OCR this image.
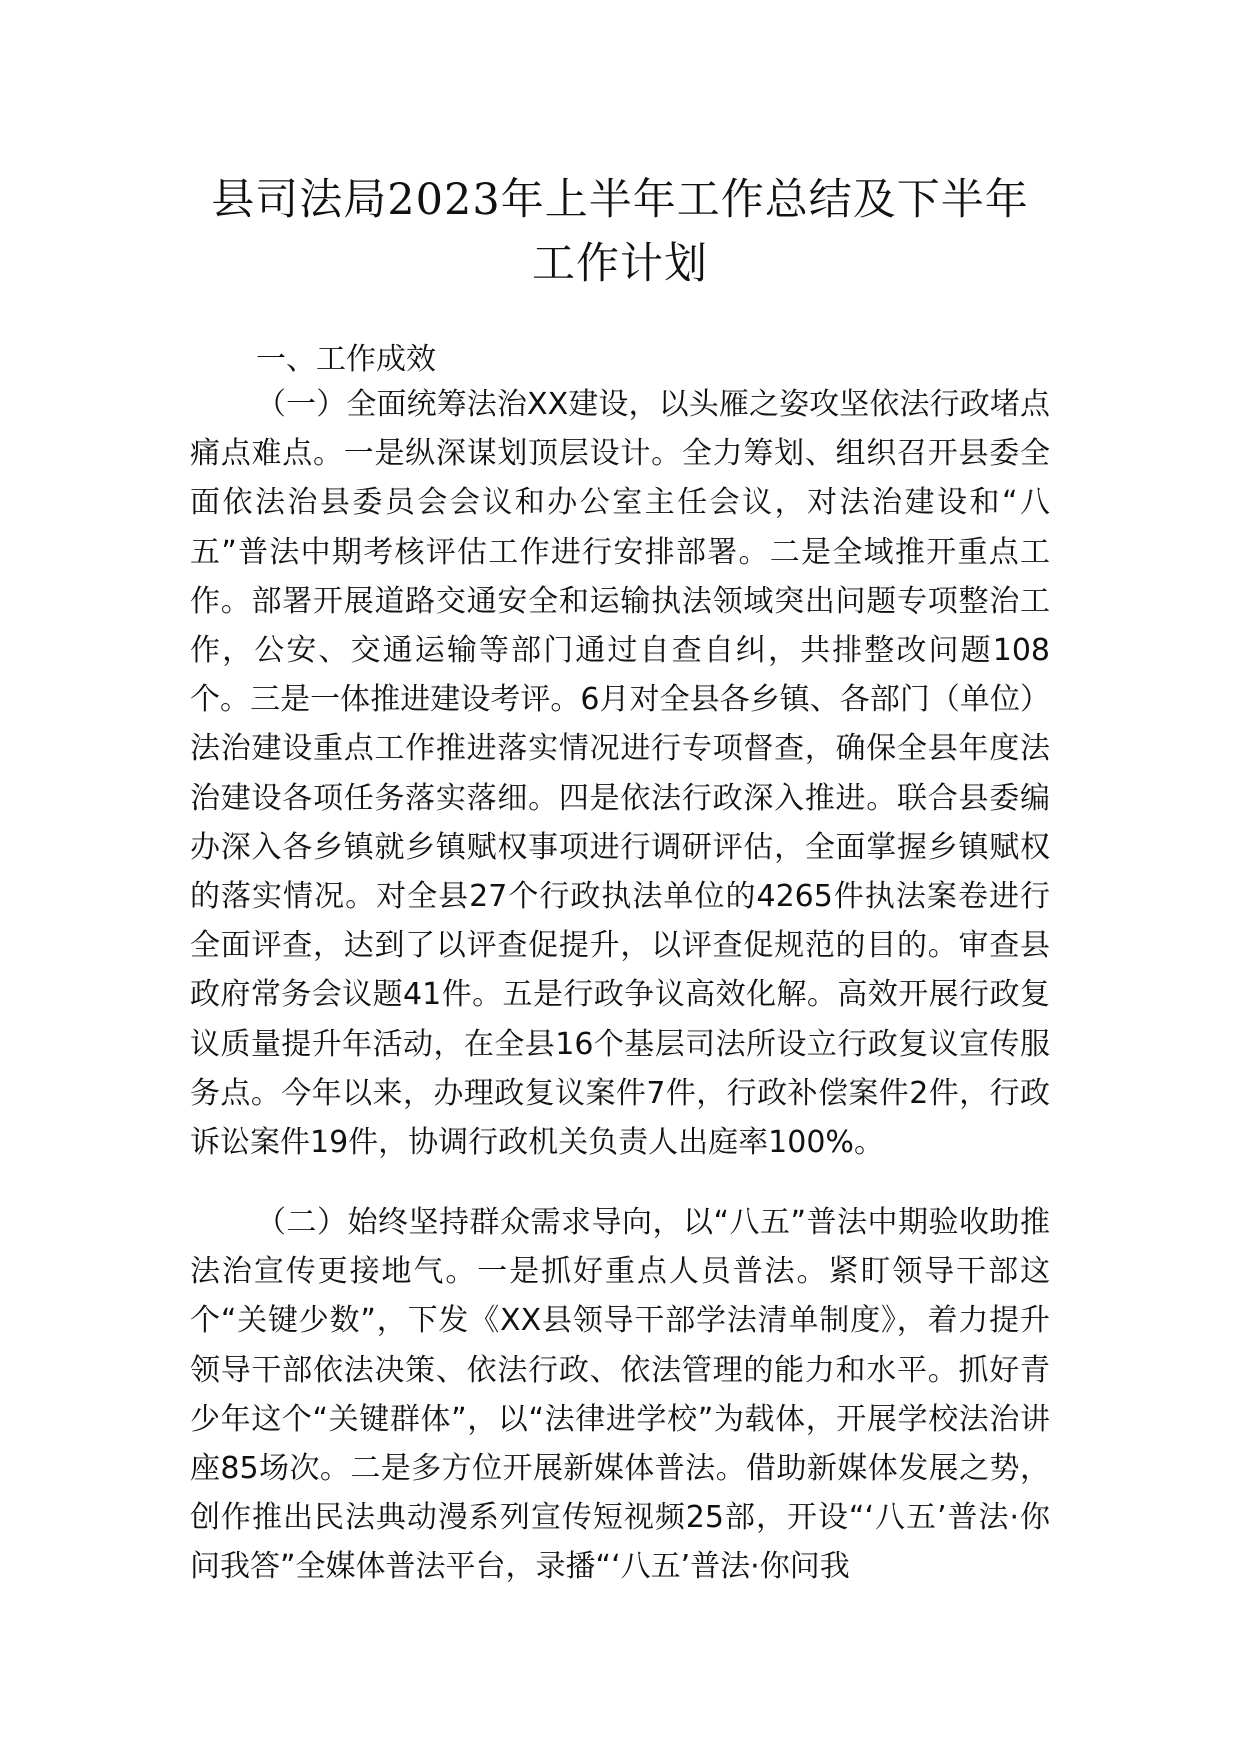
县司法局2023年上半年工作总结及下半年
工作计划
一、工作成效

（一）全面统筹法治XX建设，以头雁之姿攻坚依法行政堵点痛点难点。一是纵深谋划顶层设计。全力筹划、组织召开县委全面依法治县委员会会议和办公室主任会议，对法治建设和“八五”普法中期考核评估工作进行安排部署。二是全域推开重点工作。部署开展道路交通安全和运输执法领域突出问题专项整治工作，公安、交通运输等部门通过自查自纠，共排整改问题108个。三是一体推进建设考评。6月对全县各乡镇、各部门（单位）法治建设重点工作推进落实情况进行专项督查，确保全县年度法治建设各项任务落实落细。四是依法行政深入推进。联合县委编办深入各乡镇就乡镇赋权事项进行调研评估，全面掌握乡镇赋权的落实情况。对全县27个行政执法单位的4265件执法案卷进行全面评查，达到了以评查促提升，以评查促规范的目的。审查县政府常务会议题41件。五是行政争议高效化解。高效开展行政复议质量提升年活动，在全县16个基层司法所设立行政复议宣传服务点。今年以来，办理政复议案件7件，行政补偿案件2件，行政诉讼案件19件，协调行政机关负责人出庭率100%。

（二）始终坚持群众需求导向，以“八五”普法中期验收助推法治宣传更接地气。一是抓好重点人员普法。紧盯领导干部这个“关键少数”，下发《XX县领导干部学法清单制度》，着力提升领导干部依法决策、依法行政、依法管理的能力和水平。抓好青少年这个“关键群体”，以“法律进学校”为载体，开展学校法治讲座85场次。二是多方位开展新媒体普法。借助新媒体发展之势，创作推出民法典动漫系列宣传短视频25部，开设“‘八五’普法·你问我答”全媒体普法平台，录播“‘八五’普法·你问我
